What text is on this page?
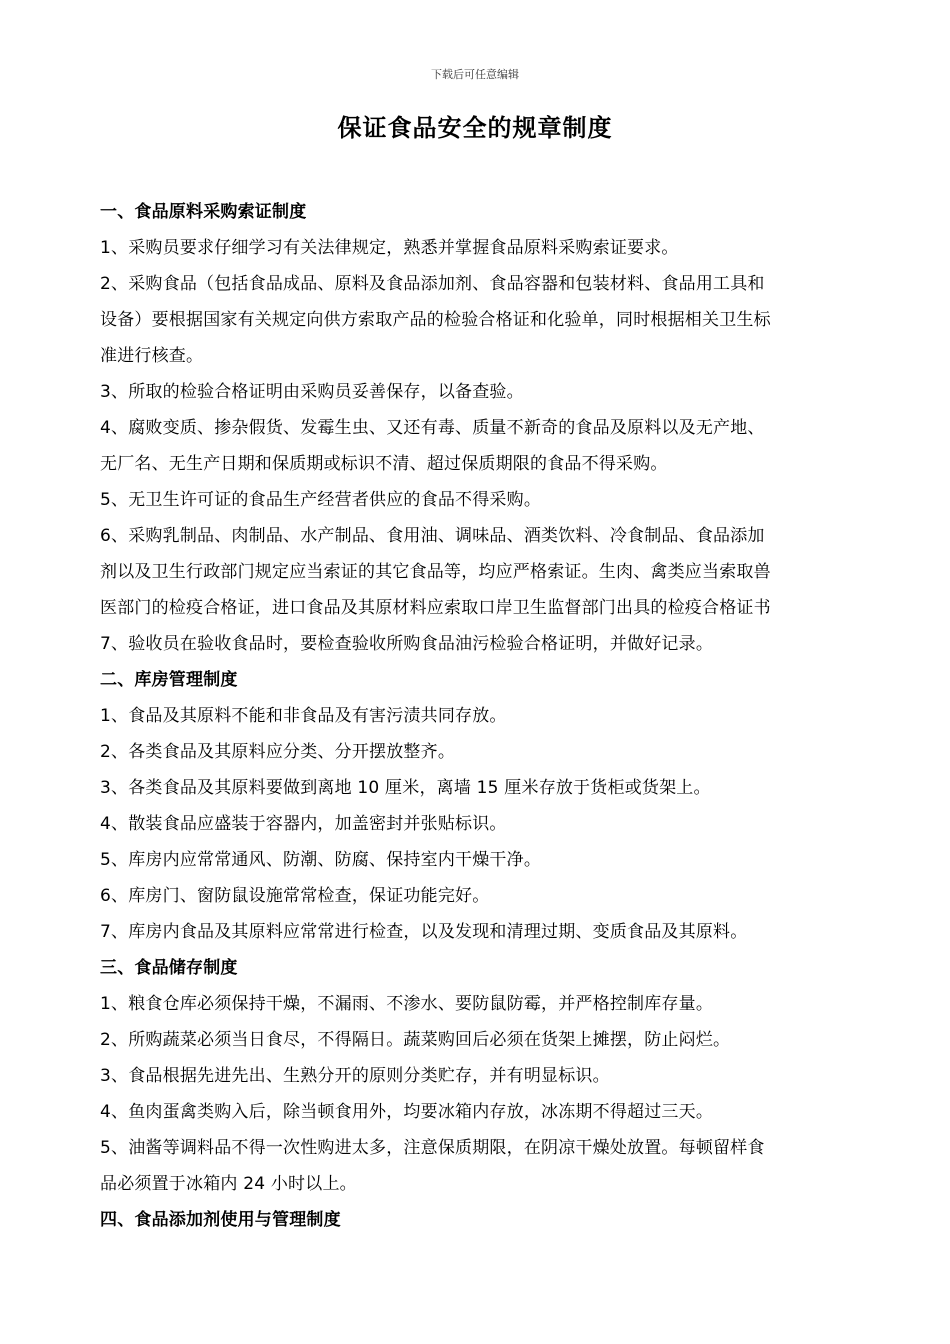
下载后可任意编辑
保证食品安全的规章制度
一、食品原料采购索证制度
1、采购员要求仔细学习有关法律规定，熟悉并掌握食品原料采购索证要求。
2、采购食品（包括食品成品、原料及食品添加剂、食品容器和包装材料、食品用工具和
设备）要根据国家有关规定向供方索取产品的检验合格证和化验单，同时根据相关卫生标
准进行核查。
3、所取的检验合格证明由采购员妥善保存，以备查验。
4、腐败变质、掺杂假货、发霉生虫、又还有毒、质量不新奇的食品及原料以及无产地、
无厂名、无生产日期和保质期或标识不清、超过保质期限的食品不得采购。
5、无卫生许可证的食品生产经营者供应的食品不得采购。
6、采购乳制品、肉制品、水产制品、食用油、调味品、酒类饮料、冷食制品、食品添加
剂以及卫生行政部门规定应当索证的其它食品等，均应严格索证。生肉、禽类应当索取兽
医部门的检疫合格证，进口食品及其原材料应索取口岸卫生监督部门出具的检疫合格证书
7、验收员在验收食品时，要检查验收所购食品油污检验合格证明，并做好记录。
二、库房管理制度
1、食品及其原料不能和非食品及有害污渍共同存放。
2、各类食品及其原料应分类、分开摆放整齐。
3、各类食品及其原料要做到离地 10 厘米，离墙 15 厘米存放于货柜或货架上。
4、散装食品应盛装于容器内，加盖密封并张贴标识。
5、库房内应常常通风、防潮、防腐、保持室内干燥干净。
6、库房门、窗防鼠设施常常检查，保证功能完好。
7、库房内食品及其原料应常常进行检查，以及发现和清理过期、变质食品及其原料。
三、食品储存制度
1、粮食仓库必须保持干燥，不漏雨、不渗水、要防鼠防霉，并严格控制库存量。
2、所购蔬菜必须当日食尽，不得隔日。蔬菜购回后必须在货架上摊摆，防止闷烂。
3、食品根据先进先出、生熟分开的原则分类贮存，并有明显标识。
4、鱼肉蛋禽类购入后，除当顿食用外，均要冰箱内存放，冰冻期不得超过三天。
5、油酱等调料品不得一次性购进太多，注意保质期限，在阴凉干燥处放置。每顿留样食
品必须置于冰箱内 24 小时以上。
四、食品添加剂使用与管理制度
